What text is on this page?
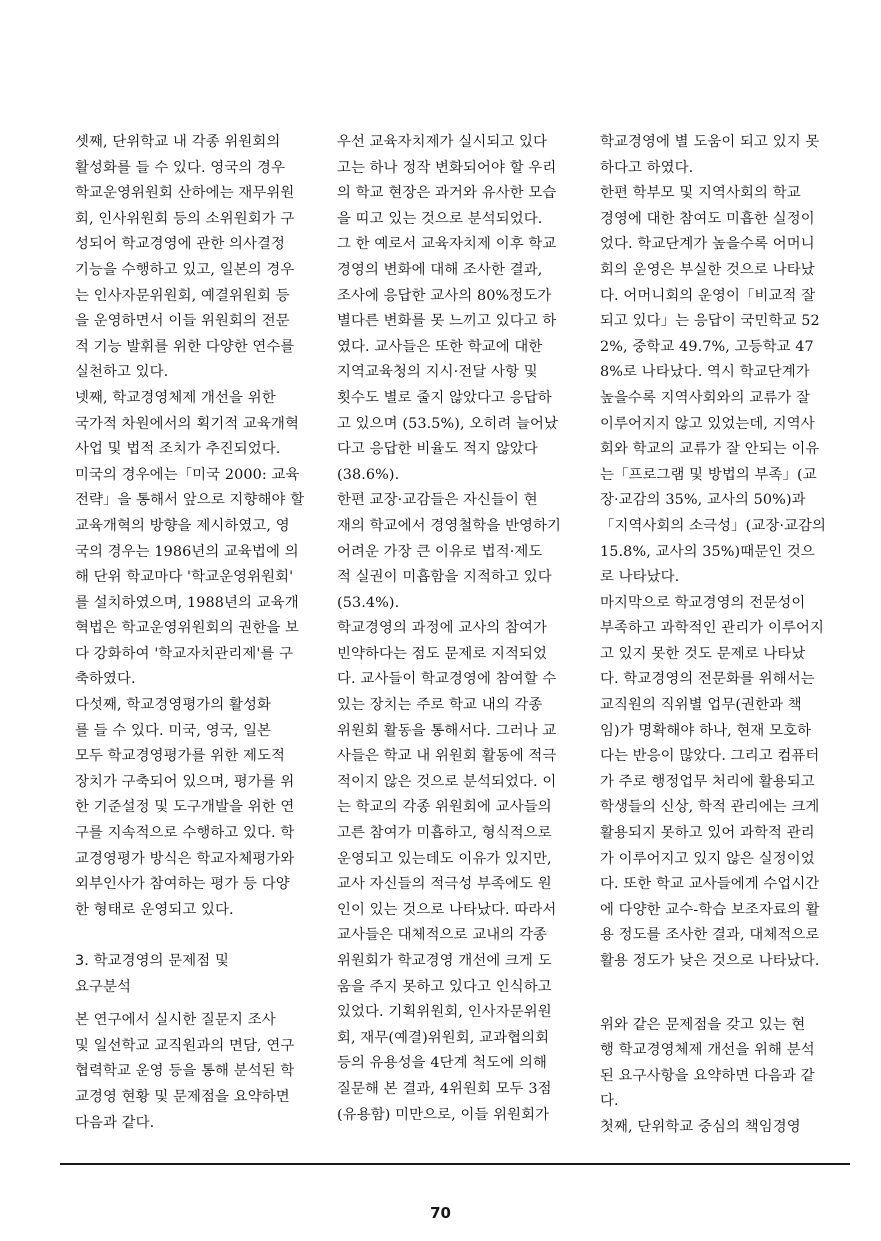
셋째, 단위학교 내 각종 위원회의

활성화를 들 수 있다. 영국의 경우

학교운영위원회 산하에는 재무위원

회, 인사위원회 등의 소위원회가 구

성되어 학교경영에 관한 의사결정

기능을 수행하고 있고, 일본의 경우

는 인사자문위원회, 예결위원회 등

을 운영하면서 이들 위원회의 전문

적 기능 발휘를 위한 다양한 연수를

실천하고 있다.

넷째, 학교경영체제 개선을 위한

국가적 차원에서의 획기적 교육개혁

사업 및 법적 조치가 추진되었다.

미국의 경우에는「미국 2000: 교육

전략」을 통해서 앞으로 지향해야 할

교육개혁의 방향을 제시하였고, 영

국의 경우는 1986년의 교육법에 의

해 단위 학교마다 '학교운영위원회'

를 설치하였으며, 1988년의 교육개

혁법은 학교운영위원회의 권한을 보

다 강화하여 '학교자치관리제'를 구

축하였다.

다섯째, 학교경영평가의 활성화

를 들 수 있다. 미국, 영국, 일본

모두 학교경영평가를 위한 제도적

장치가 구축되어 있으며, 평가를 위

한 기준설정 및 도구개발을 위한 연

구를 지속적으로 수행하고 있다. 학

교경영평가 방식은 학교자체평가와

외부인사가 참여하는 평가 등 다양

한 형태로 운영되고 있다.

3. 학교경영의 문제점 및

요구분석

본 연구에서 실시한 질문지 조사

및 일선학교 교직원과의 면담, 연구

협력학교 운영 등을 통해 분석된 학

교경영 현황 및 문제점을 요약하면

다음과 같다.

우선 교육자치제가 실시되고 있다

고는 하나 정작 변화되어야 할 우리

의 학교 현장은 과거와 유사한 모습

을 띠고 있는 것으로 분석되었다.

그 한 예로서 교육자치제 이후 학교

경영의 변화에 대해 조사한 결과,

조사에 응답한 교사의 80%정도가

별다른 변화를 못 느끼고 있다고 하

였다. 교사들은 또한 학교에 대한

지역교육청의 지시·전달 사항 및

횟수도 별로 줄지 않았다고 응답하

고 있으며 (53.5%), 오히려 늘어났

다고 응답한 비율도 적지 않았다

(38.6%).

한편 교장·교감들은 자신들이 현

재의 학교에서 경영철학을 반영하기

어려운 가장 큰 이유로 법적·제도

적 실권이 미흡함을 지적하고 있다

(53.4%).

학교경영의 과정에 교사의 참여가

빈약하다는 점도 문제로 지적되었

다. 교사들이 학교경영에 참여할 수

있는 장치는 주로 학교 내의 각종

위원회 활동을 통해서다. 그러나 교

사들은 학교 내 위원회 활동에 적극

적이지 않은 것으로 분석되었다. 이

는 학교의 각종 위원회에 교사들의

고른 참여가 미흡하고, 형식적으로

운영되고 있는데도 이유가 있지만,

교사 자신들의 적극성 부족에도 원

인이 있는 것으로 나타났다. 따라서

교사들은 대체적으로 교내의 각종

위원회가 학교경영 개선에 크게 도

움을 주지 못하고 있다고 인식하고

있었다. 기획위원회, 인사자문위원

회, 재무(예결)위원회, 교과협의회

등의 유용성을 4단계 척도에 의해

질문해 본 결과, 4위원회 모두 3점

(유용함) 미만으로, 이들 위원회가

학교경영에 별 도움이 되고 있지 못

하다고 하였다.

한편 학부모 및 지역사회의 학교

경영에 대한 참여도 미흡한 실정이

었다. 학교단계가 높을수록 어머니

회의 운영은 부실한 것으로 나타났

다. 어머니회의 운영이「비교적 잘

되고 있다」는 응답이 국민학교 52

2%, 중학교 49.7%, 고등학교 47

8%로 나타났다. 역시 학교단계가

높을수록 지역사회와의 교류가 잘

이루어지지 않고 있었는데, 지역사

회와 학교의 교류가 잘 안되는 이유

는「프로그램 및 방법의 부족」(교

장·교감의 35%, 교사의 50%)과

「지역사회의 소극성」(교장·교감의

15.8%, 교사의 35%)때문인 것으

로 나타났다.

마지막으로 학교경영의 전문성이

부족하고 과학적인 관리가 이루어지

고 있지 못한 것도 문제로 나타났

다. 학교경영의 전문화를 위해서는

교직원의 직위별 업무(권한과 책

임)가 명확해야 하나, 현재 모호하

다는 반응이 많았다. 그리고 컴퓨터

가 주로 행정업무 처리에 활용되고

학생들의 신상, 학적 관리에는 크게

활용되지 못하고 있어 과학적 관리

가 이루어지고 있지 않은 실정이었

다. 또한 학교 교사들에게 수업시간

에 다양한 교수-학습 보조자료의 활

용 정도를 조사한 결과, 대체적으로

활용 정도가 낮은 것으로 나타났다.

위와 같은 문제점을 갖고 있는 현

행 학교경영체제 개선을 위해 분석

된 요구사항을 요약하면 다음과 같

다.

첫째, 단위학교 중심의 책임경영

70
